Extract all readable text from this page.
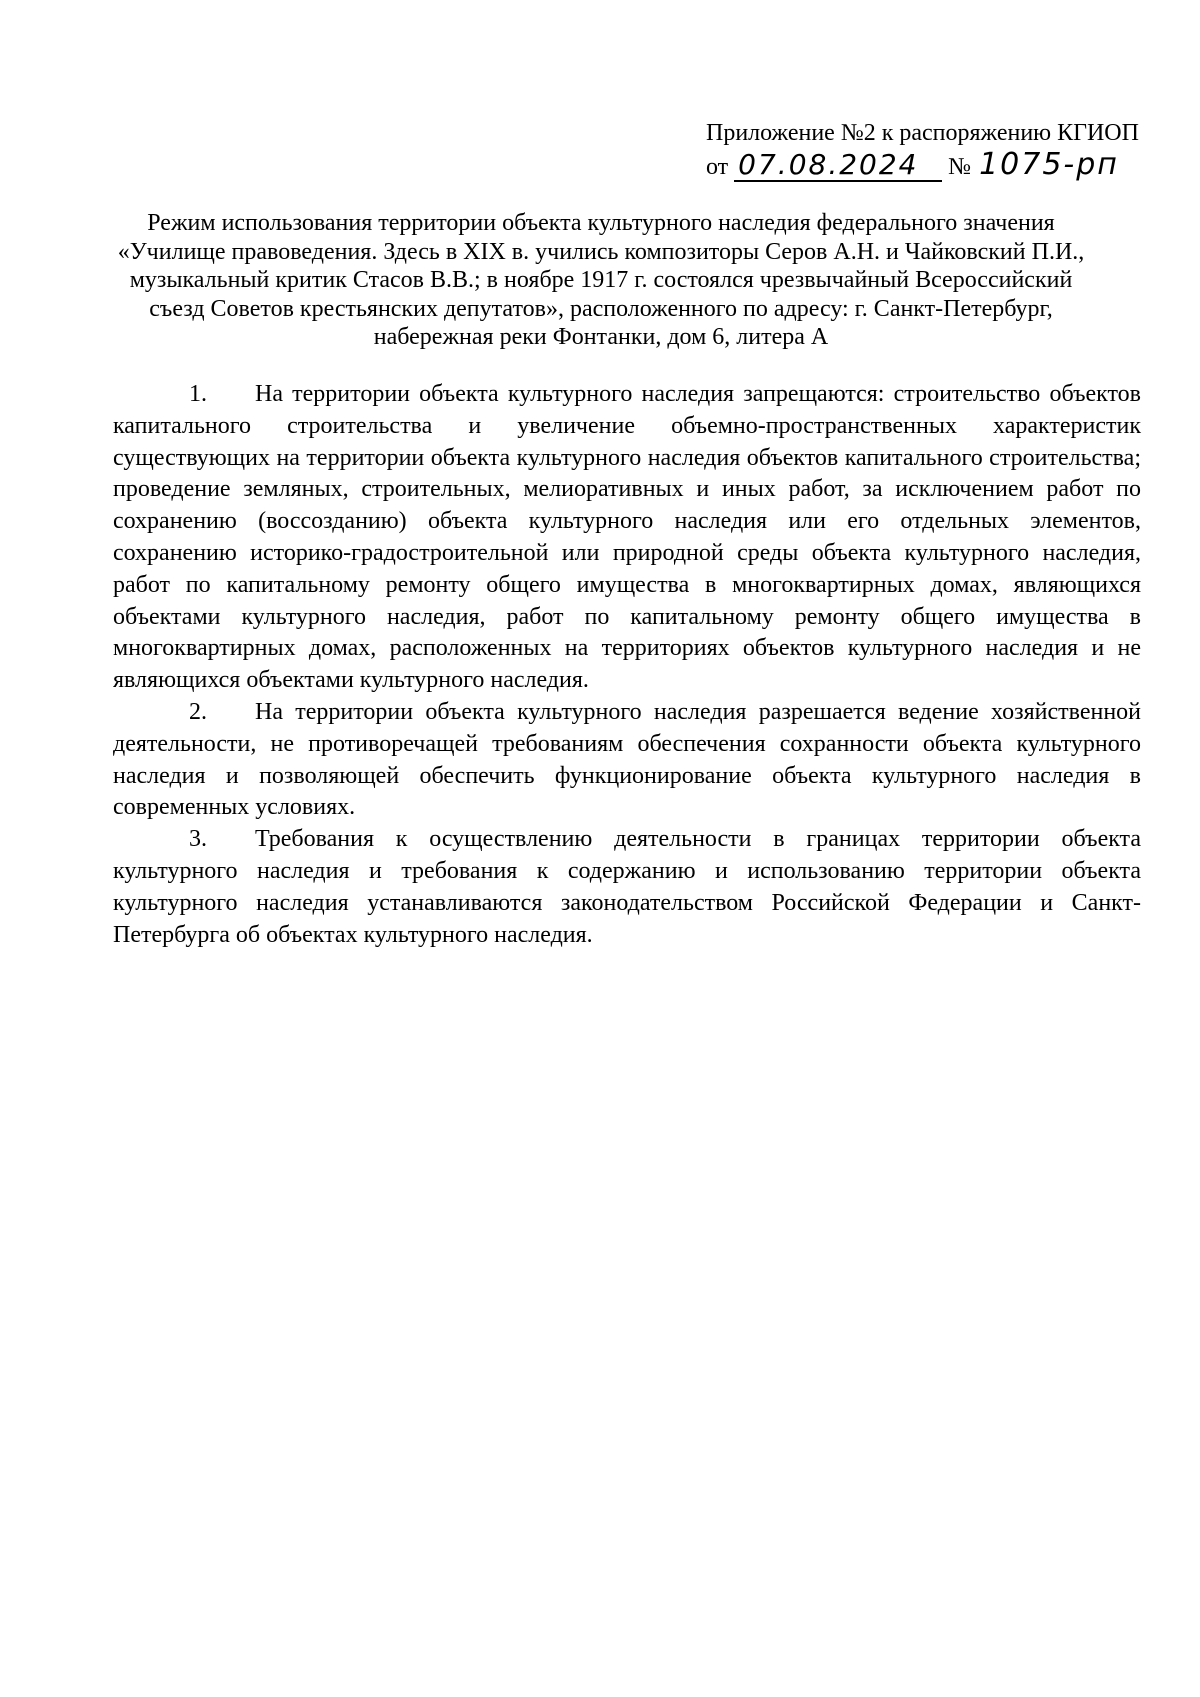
Приложение №2 к распоряжению КГИОП
от 07.08.2024 № 1075-рп
Режим использования территории объекта культурного наследия федерального значения «Училище правоведения. Здесь в XIX в. учились композиторы Серов А.Н. и Чайковский П.И., музыкальный критик Стасов В.В.; в ноябре 1917 г. состоялся чрезвычайный Всероссийский съезд Советов крестьянских депутатов», расположенного по адресу: г. Санкт-Петербург, набережная реки Фонтанки, дом 6, литера А

1. На территории объекта культурного наследия запрещаются: строительство объектов капитального строительства и увеличение объемно-пространственных характеристик существующих на территории объекта культурного наследия объектов капитального строительства; проведение земляных, строительных, мелиоративных и иных работ, за исключением работ по сохранению (воссозданию) объекта культурного наследия или его отдельных элементов, сохранению историко-градостроительной или природной среды объекта культурного наследия, работ по капитальному ремонту общего имущества в многоквартирных домах, являющихся объектами культурного наследия, работ по капитальному ремонту общего имущества в многоквартирных домах, расположенных на территориях объектов культурного наследия и не являющихся объектами культурного наследия.

2. На территории объекта культурного наследия разрешается ведение хозяйственной деятельности, не противоречащей требованиям обеспечения сохранности объекта культурного наследия и позволяющей обеспечить функционирование объекта культурного наследия в современных условиях.

3. Требования к осуществлению деятельности в границах территории объекта культурного наследия и требования к содержанию и использованию территории объекта культурного наследия устанавливаются законодательством Российской Федерации и Санкт-Петербурга об объектах культурного наследия.
